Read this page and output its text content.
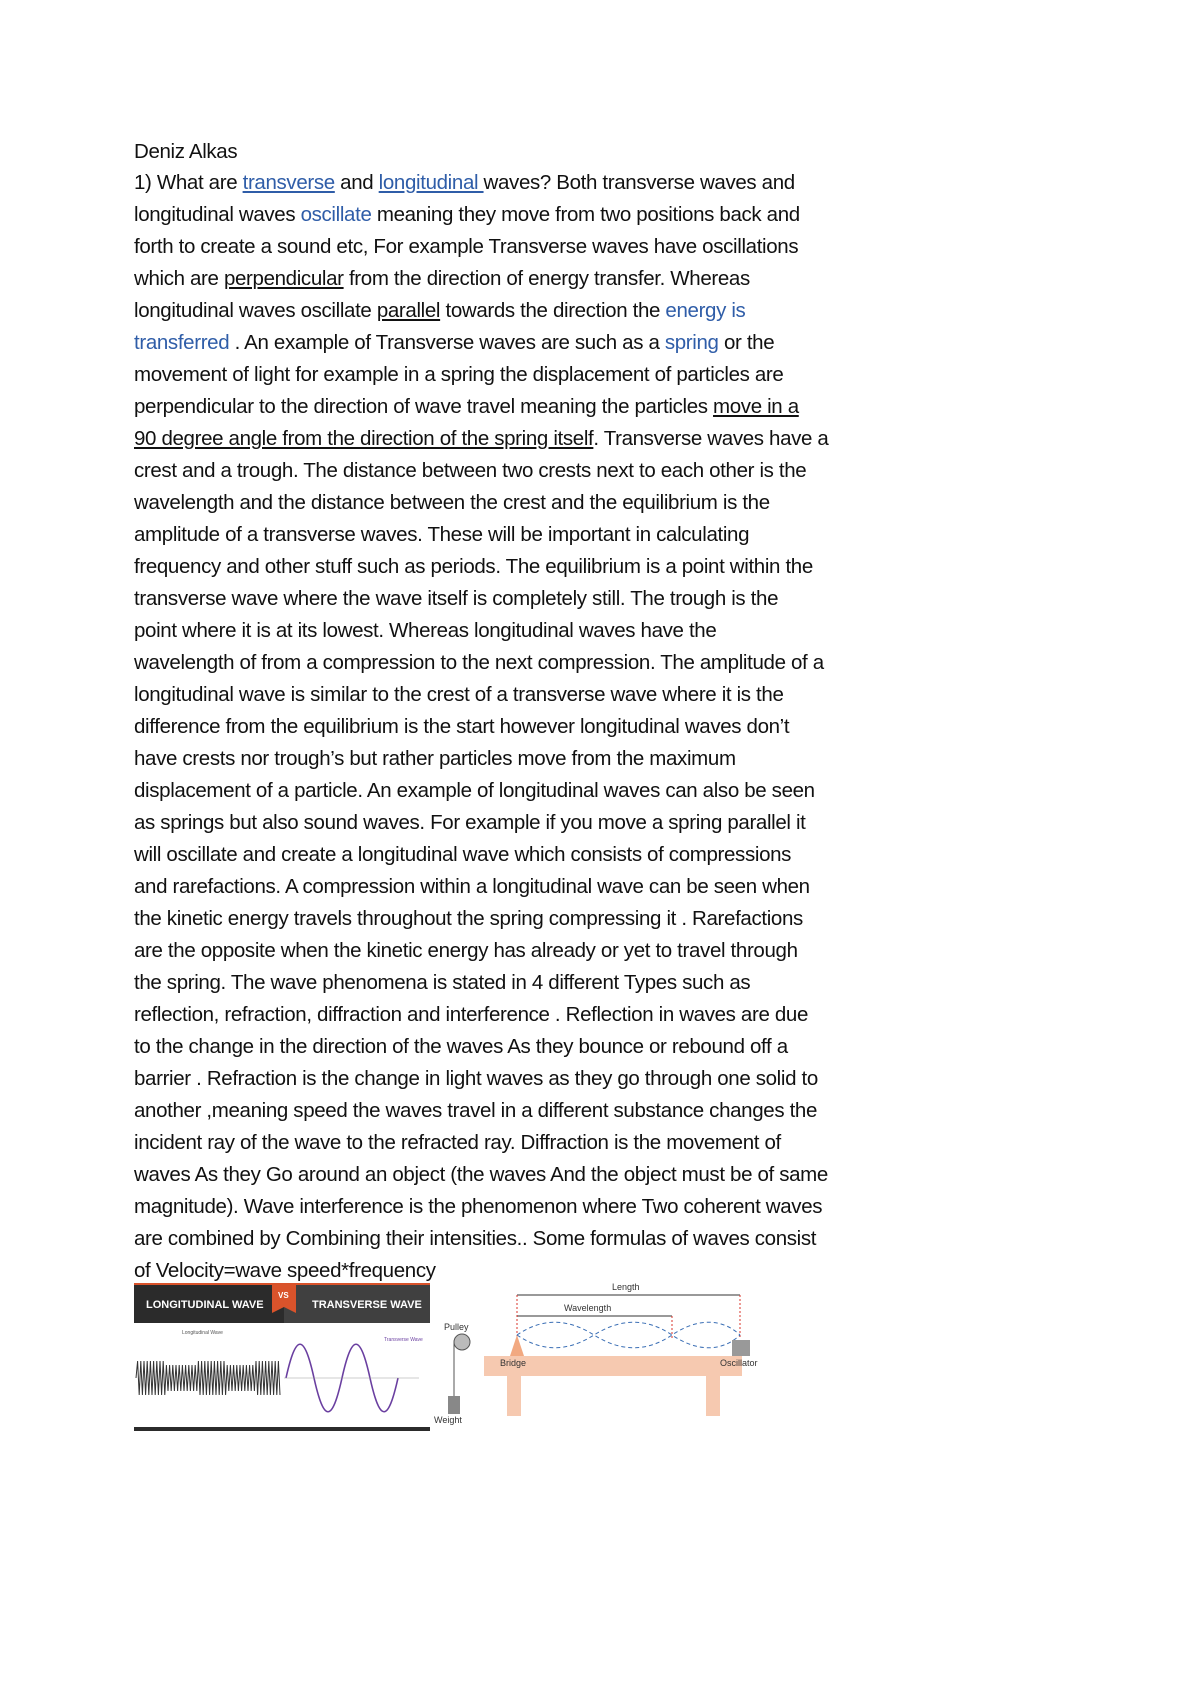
Deniz Alkas
1) What are transverse and longitudinal waves? Both transverse waves and
longitudinal waves oscillate meaning they move from two positions back and
forth to create a sound etc, For example Transverse waves have oscillations
which are perpendicular from the direction of energy transfer. Whereas
longitudinal waves oscillate parallel towards the direction the energy is
transferred . An example of Transverse waves are such as a spring or the
movement of light for example in a spring the displacement of particles are
perpendicular to the direction of wave travel meaning the particles move in a
90 degree angle from the direction of the spring itself. Transverse waves have a
crest and a trough. The distance between two crests next to each other is the
wavelength and the distance between the crest and the equilibrium is the
amplitude of a transverse waves. These will be important in calculating
frequency and other stuff such as periods. The equilibrium is a point within the
transverse wave where the wave itself is completely still. The trough is the
point where it is at its lowest. Whereas longitudinal waves have the
wavelength of from a compression to the next compression. The amplitude of a
longitudinal wave is similar to the crest of a transverse wave where it is the
difference from the equilibrium is the start however longitudinal waves don’t
have crests nor trough’s but rather particles move from the maximum
displacement of a particle. An example of longitudinal waves can also be seen
as springs but also sound waves. For example if you move a spring parallel it
will oscillate and create a longitudinal wave which consists of compressions
and rarefactions. A compression within a longitudinal wave can be seen when
the kinetic energy travels throughout the spring compressing it . Rarefactions
are the opposite when the kinetic energy has already or yet to travel through
the spring. The wave phenomena is stated in 4 different Types such as
reflection, refraction, diffraction and interference . Reflection in waves are due
to the change in the direction of the waves As they bounce or rebound off a
barrier . Refraction is the change in light waves as they go through one solid to
another ,meaning speed the waves travel in a different substance changes the
incident ray of the wave to the refracted ray. Diffraction is the movement of
waves As they Go around an object (the waves And the object must be of same
magnitude). Wave interference is the phenomenon where Two coherent waves
are combined by Combining their intensities.. Some formulas of waves consist
of Velocity=wave speed*frequency
LONGITUDINAL WAVE
VS
TRANSVERSE WAVE
Longitudinal Wave
Transverse Wave
Length
Wavelength
Pulley
Bridge	Oscillator
Weight
